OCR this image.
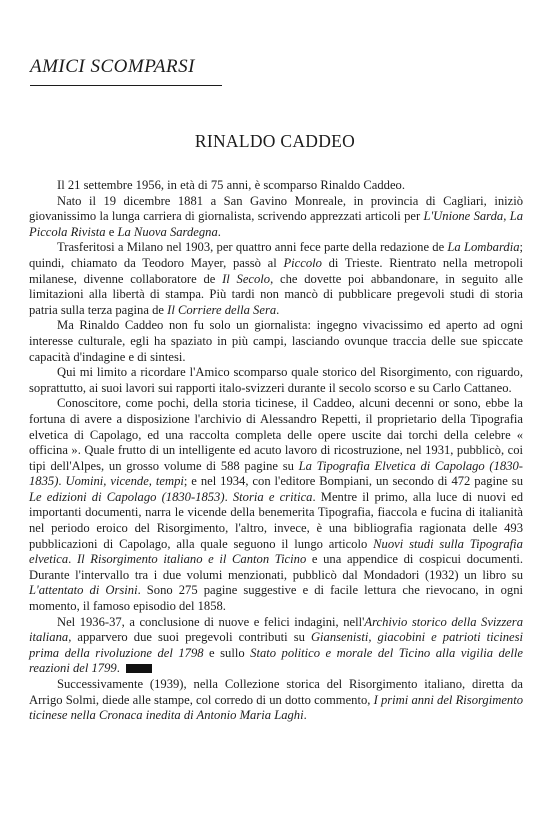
AMICI SCOMPARSI
RINALDO CADDEO

Il 21 settembre 1956, in età di 75 anni, è scomparso Rinaldo Caddeo.

Nato il 19 dicembre 1881 a San Gavino Monreale, in provincia di Cagliari, iniziò giovanissimo la lunga carriera di giornalista, scrivendo apprezzati articoli per L'Unione Sarda, La Piccola Rivista e La Nuova Sardegna.

Trasferitosi a Milano nel 1903, per quattro anni fece parte della redazione de La Lombardia; quindi, chiamato da Teodoro Mayer, passò al Piccolo di Trieste. Rientrato nella metropoli milanese, divenne collaboratore de Il Secolo, che dovette poi abbandonare, in seguito alle limitazioni alla libertà di stampa. Più tardi non mancò di pubblicare pregevoli studi di storia patria sulla terza pagina de Il Corriere della Sera.

Ma Rinaldo Caddeo non fu solo un giornalista: ingegno vivacissimo ed aperto ad ogni interesse culturale, egli ha spaziato in più campi, lasciando ovunque traccia delle sue spiccate capacità d'indagine e di sintesi.

Qui mi limito a ricordare l'Amico scomparso quale storico del Risorgimento, con riguardo, soprattutto, ai suoi lavori sui rapporti italo-svizzeri durante il secolo scorso e su Carlo Cattaneo.

Conoscitore, come pochi, della storia ticinese, il Caddeo, alcuni decenni or sono, ebbe la fortuna di avere a disposizione l'archivio di Alessandro Repetti, il proprietario della Tipografia elvetica di Capolago, ed una raccolta completa delle opere uscite dai torchi della celebre « officina ». Quale frutto di un intelligente ed acuto lavoro di ricostruzione, nel 1931, pubblicò, coi tipi dell'Alpes, un grosso volume di 588 pagine su La Tipografia Elvetica di Capolago (1830-1835). Uomini, vicende, tempi; e nel 1934, con l'editore Bompiani, un secondo di 472 pagine su Le edizioni di Capolago (1830-1853). Storia e critica. Mentre il primo, alla luce di nuovi ed importanti documenti, narra le vicende della benemerita Tipografia, fiaccola e fucina di italianità nel periodo eroico del Risorgimento, l'altro, invece, è una bibliografia ragionata delle 493 pubblicazioni di Capolago, alla quale seguono il lungo articolo Nuovi studi sulla Tipografia elvetica. Il Risorgimento italiano e il Canton Ticino e una appendice di cospicui documenti. Durante l'intervallo tra i due volumi menzionati, pubblicò dal Mondadori (1932) un libro su L'attentato di Orsini. Sono 275 pagine suggestive e di facile lettura che rievocano, in ogni momento, il famoso episodio del 1858.

Nel 1936-37, a conclusione di nuove e felici indagini, nell'Archivio storico della Svizzera italiana, apparvero due suoi pregevoli contributi su Giansenisti, giacobini e patrioti ticinesi prima della rivoluzione del 1798 e sullo Stato politico e morale del Ticino alla vigilia delle reazioni del 1799.

Successivamente (1939), nella Collezione storica del Risorgimento italiano, diretta da Arrigo Solmi, diede alle stampe, col corredo di un dotto commento, I primi anni del Risorgimento ticinese nella Cronaca inedita di Antonio Maria Laghi.
